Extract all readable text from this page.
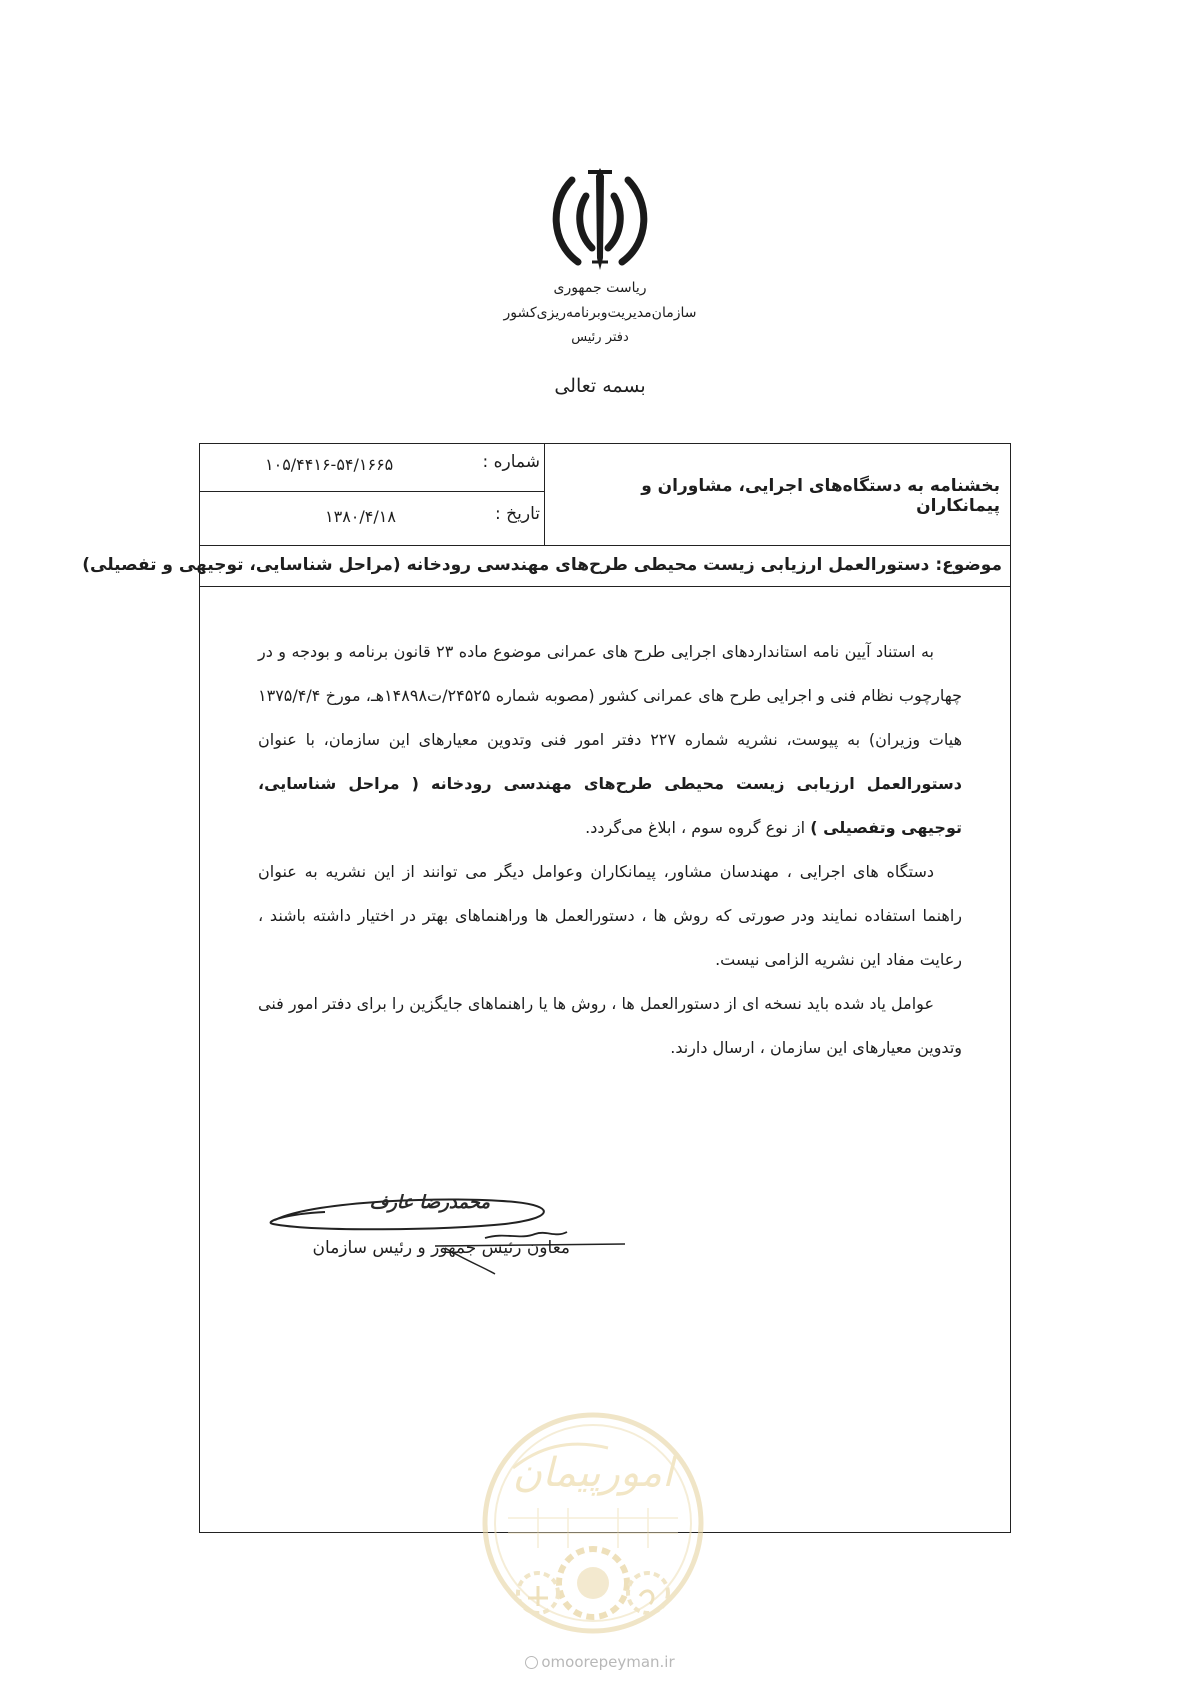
ریاست جمهوری
سازمان‌مدیریت‌وبرنامه‌ریزی‌کشور
دفتر رئیس
بسمه تعالی
شماره :
۱۰۵/۴۴۱۶-۵۴/۱۶۶۵
تاریخ :
۱۳۸۰/۴/۱۸
بخشنامه به دستگاه‌های اجرایی، مشاوران و پیمانکاران
موضوع: دستورالعمل ارزیابی زیست محیطی طرح‌های مهندسی رودخانه (مراحل شناسایی، توجیهی و تفصیلی)

به استناد آیین نامه استانداردهای اجرایی طرح های عمرانی موضوع ماده ۲۳ قانون برنامه و بودجه و در چهارچوب نظام فنی و اجرایی طرح های عمرانی کشور (مصوبه شماره ۲۴۵۲۵/ت۱۴۸۹۸هـ، مورخ ۱۳۷۵/۴/۴ هیات وزیران) به پیوست، نشریه شماره ۲۲۷ دفتر امور فنی وتدوین معیارهای این سازمان، با عنوان دستورالعمل ارزیابی زیست محیطی طرح‌های مهندسی رودخانه ( مراحل شناسایی، توجیهی وتفصیلی ) از نوع گروه سوم ، ابلاغ می‌گردد.

دستگاه های اجرایی ، مهندسان مشاور، پیمانکاران وعوامل دیگر می توانند از این نشریه به عنوان راهنما استفاده نمایند ودر صورتی که روش ها ، دستورالعمل ها وراهنماهای بهتر در اختیار داشته باشند ، رعایت مفاد این نشریه الزامی نیست.

عوامل یاد شده باید نسخه ای از دستورالعمل ها ، روش ها یا راهنماهای جایگزین را برای دفتر امور فنی وتدوین معیارهای این سازمان ، ارسال دارند.

محمدرضا عارف
معاون رئیس جمهور و رئیس سازمان
امورپیمان
omoorepeyman.ir
